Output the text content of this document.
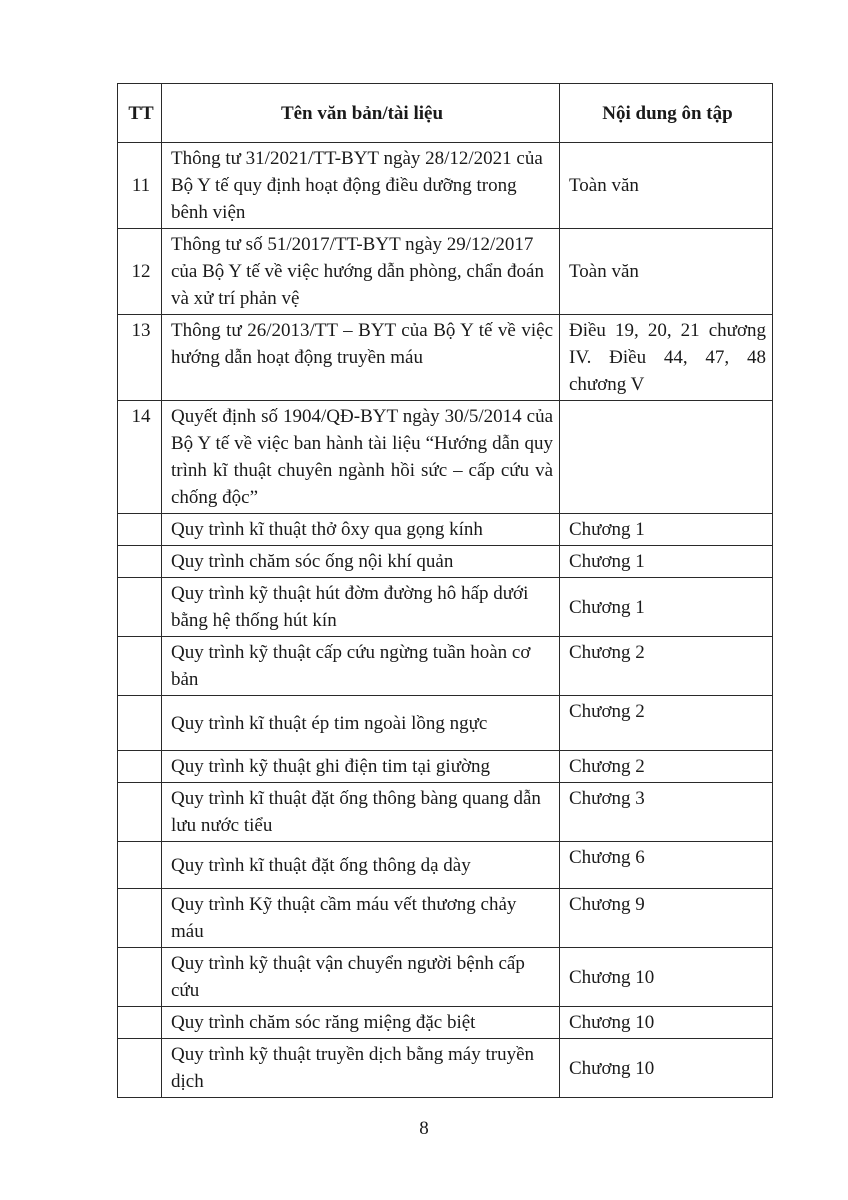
TT	Tên văn bản/tài liệu	Nội dung ôn tập
11	Thông tư 31/2021/TT-BYT ngày 28/12/2021 của Bộ Y tế quy định hoạt động điều dưỡng trong bênh viện	Toàn văn
12	Thông tư số 51/2017/TT-BYT ngày 29/12/2017 của Bộ Y tế về việc hướng dẫn phòng, chẩn đoán và xử trí phản vệ	Toàn văn
13	Thông tư 26/2013/TT – BYT của Bộ Y tế về việc hướng dẫn hoạt động truyền máu	Điều 19, 20, 21 chương IV. Điều 44, 47, 48 chương V
14	Quyết định số 1904/QĐ-BYT ngày 30/5/2014 của Bộ Y tế về việc ban hành tài liệu “Hướng dẫn quy trình kĩ thuật chuyên ngành hồi sức – cấp cứu và chống độc”	
	Quy trình kĩ thuật thở ôxy qua gọng kính	Chương 1
	Quy trình chăm sóc ống nội khí quản	Chương 1
	Quy trình kỹ thuật hút đờm đường hô hấp dưới bằng hệ thống hút kín	Chương 1
	Quy trình kỹ thuật cấp cứu ngừng tuần hoàn cơ bản	Chương 2
	Quy trình kĩ thuật ép tim ngoài lồng ngực	Chương 2
	Quy trình kỹ thuật ghi điện tim tại giường	Chương 2
	Quy trình kĩ thuật đặt ống thông bàng quang dẫn lưu nước tiểu	Chương 3
	Quy trình kĩ thuật đặt ống thông dạ dày	Chương 6
	Quy trình Kỹ thuật cầm máu vết thương chảy máu	Chương 9
	Quy trình kỹ thuật vận chuyển người bệnh cấp cứu	Chương 10
	Quy trình chăm sóc răng miệng đặc biệt	Chương 10
	Quy trình kỹ thuật truyền dịch bằng máy truyền dịch	Chương 10
8
